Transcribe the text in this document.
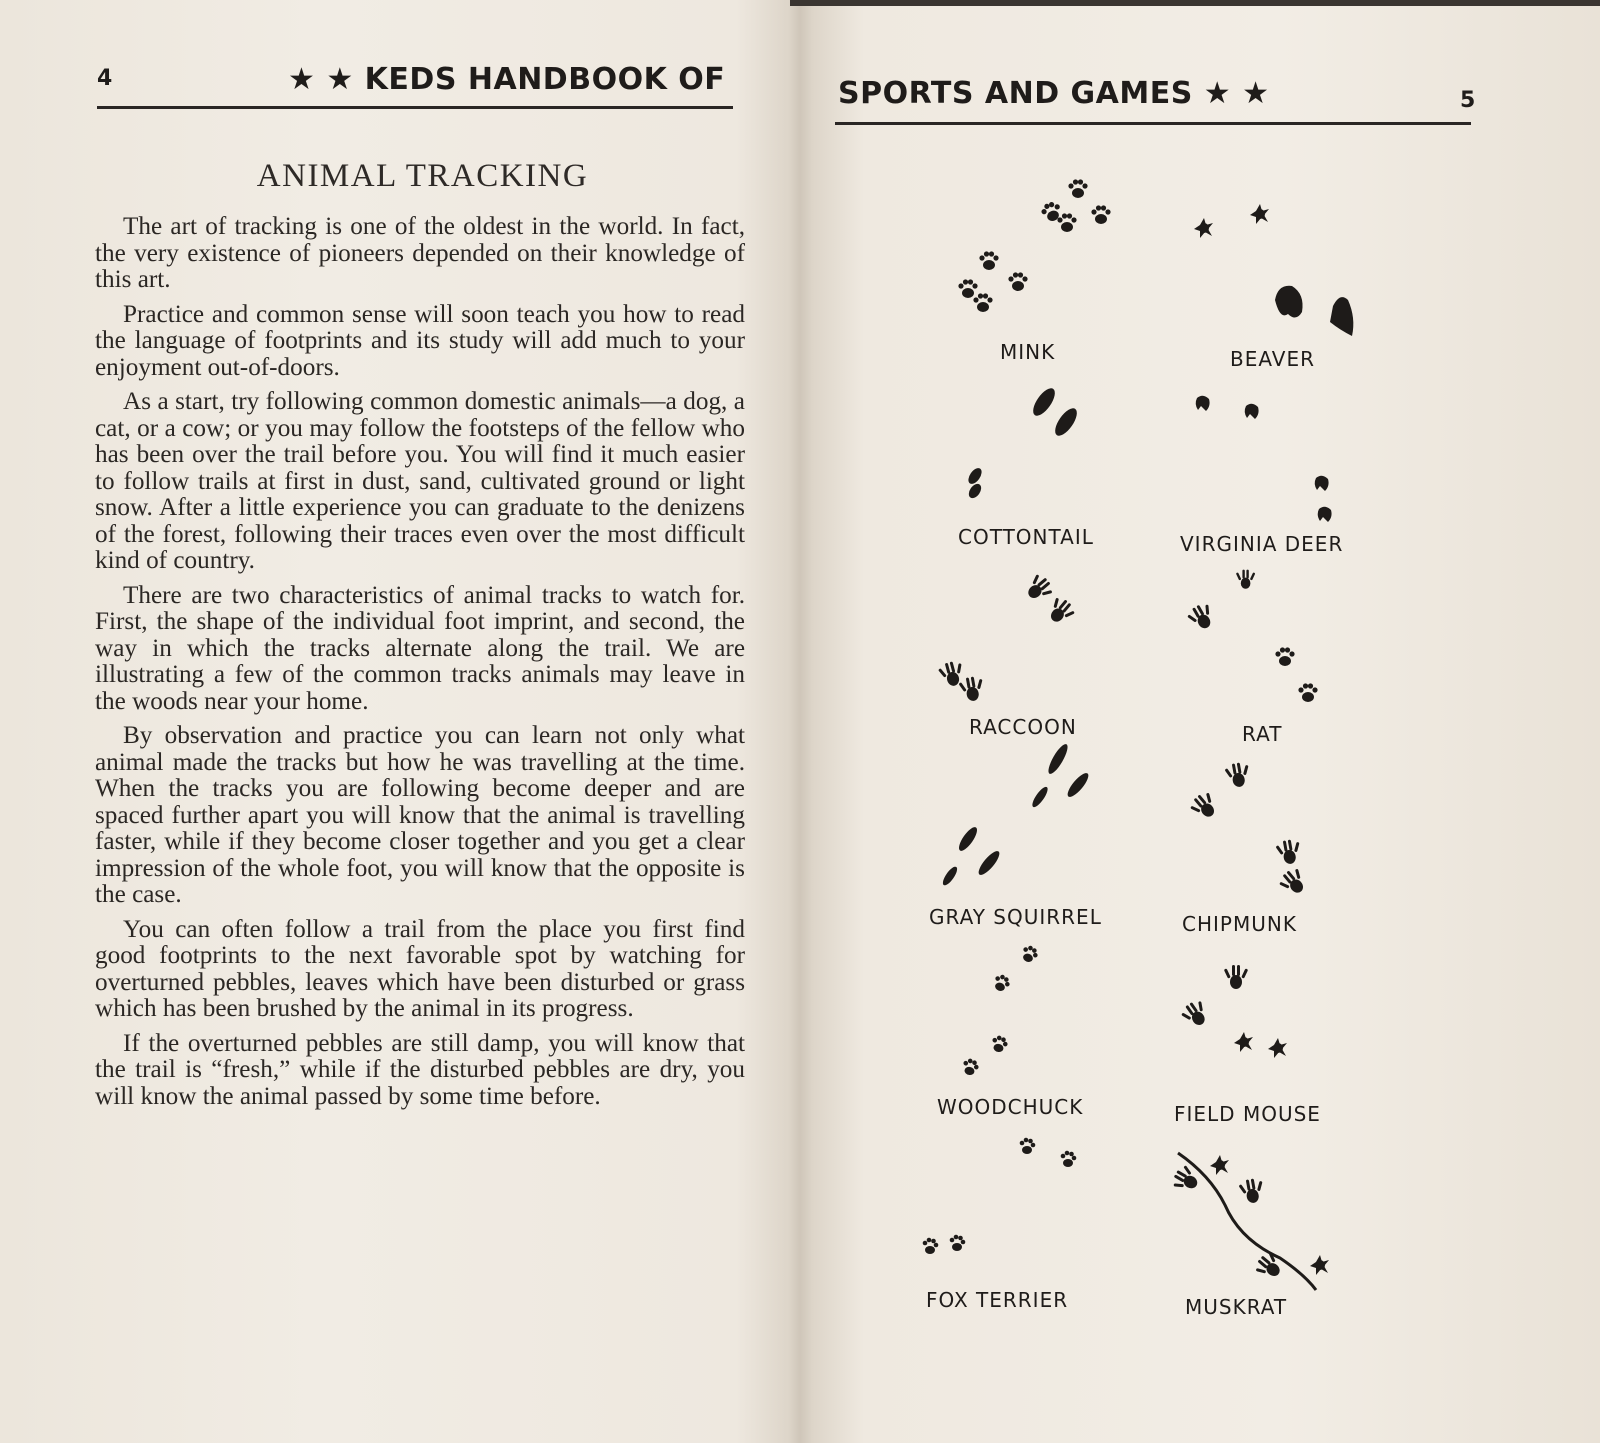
4	★ ★ KEDS HANDBOOK OF
ANIMAL TRACKING

The art of tracking is one of the oldest in the world. In fact, the very existence of pioneers depended on their knowledge of this art.

Practice and common sense will soon teach you how to read the language of footprints and its study will add much to your enjoyment out-of-doors.

As a start, try following common domestic animals—a dog, a cat, or a cow; or you may follow the footsteps of the fellow who has been over the trail before you. You will find it much easier to follow trails at first in dust, sand, cultivated ground or light snow. After a little experience you can graduate to the denizens of the forest, following their traces even over the most difficult kind of country.

There are two characteristics of animal tracks to watch for. First, the shape of the individual foot imprint, and second, the way in which the tracks alternate along the trail. We are illustrating a few of the common tracks animals may leave in the woods near your home.

By observation and practice you can learn not only what animal made the tracks but how he was travelling at the time. When the tracks you are following become deeper and are spaced further apart you will know that the animal is travelling faster, while if they become closer together and you get a clear impression of the whole foot, you will know that the opposite is the case.

You can often follow a trail from the place you first find good footprints to the next favorable spot by watching for overturned pebbles, leaves which have been disturbed or grass which has been brushed by the animal in its progress.

If the overturned pebbles are still damp, you will know that the trail is “fresh,” while if the disturbed pebbles are dry, you will know the animal passed by some time before.

SPORTS AND GAMES ★ ★	5
MINK	BEAVER
COTTONTAIL	VIRGINIA DEER
RACCOON	RAT
GRAY SQUIRREL	CHIPMUNK
WOODCHUCK	FIELD MOUSE
FOX TERRIER	MUSKRAT
